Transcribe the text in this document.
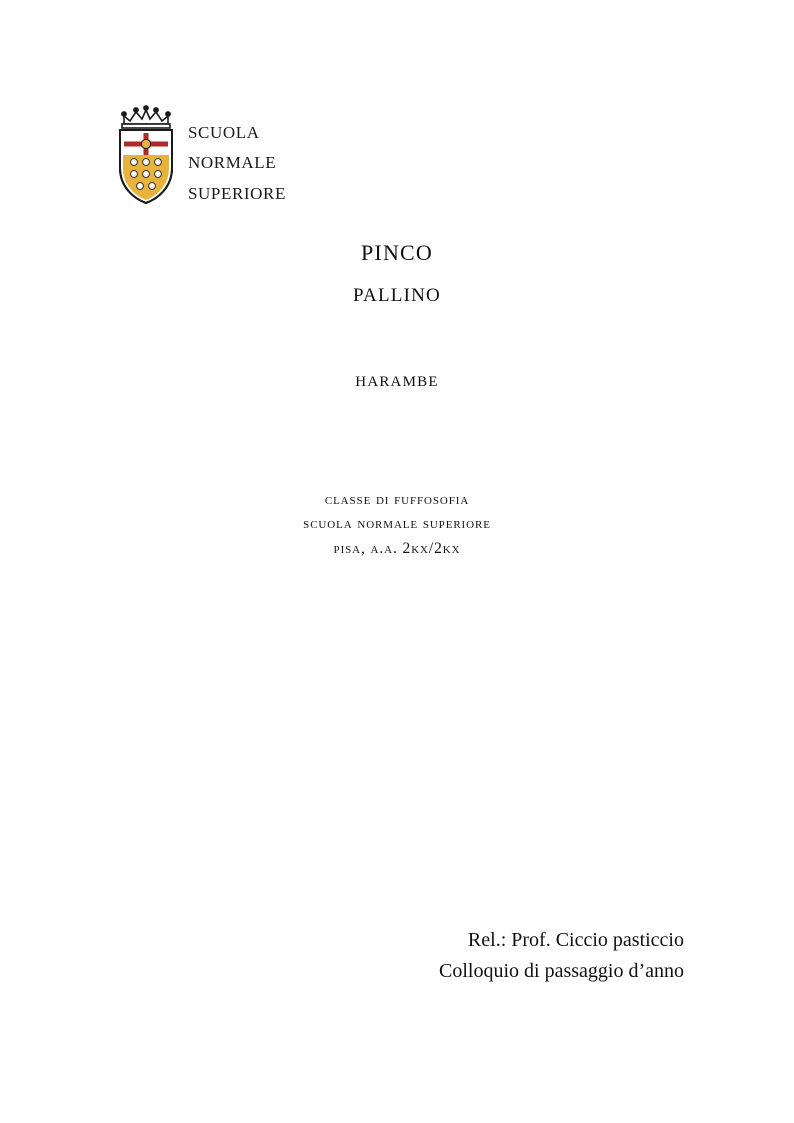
scuola
normale
superiore
pinco
pallino
harambe
classe di fuffosofia
scuola normale superiore
pisa, a.a. 2kx/2kx
Rel.: Prof. Ciccio pasticcio
Colloquio di passaggio d’anno
